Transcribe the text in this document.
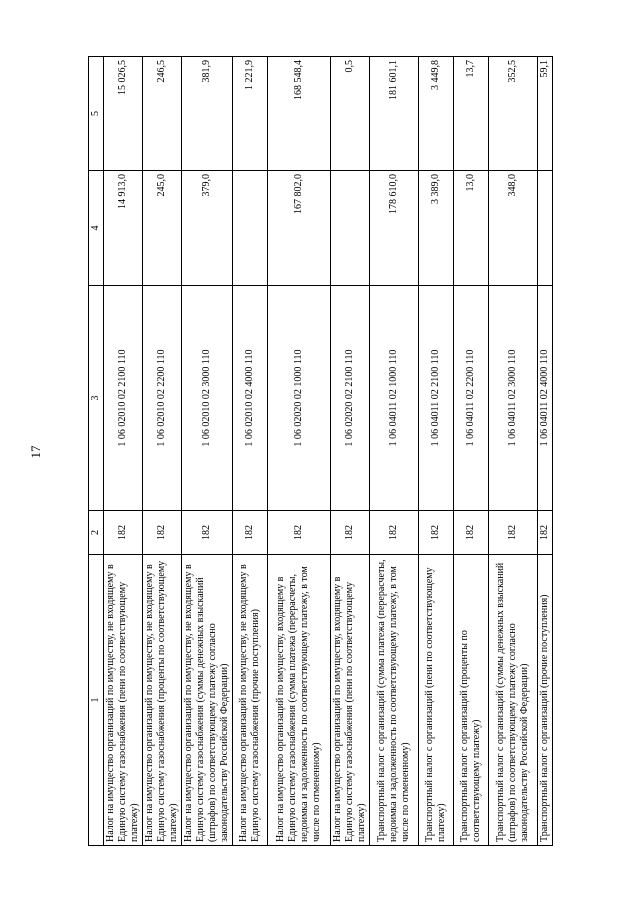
17
1	2	3	4	5
Налог на имущество организаций по имуществу, не входящему в Единую систему газоснабжения (пени по соответствующему платежу)	182	1 06 02010 02 2100 110	14 913,0	15 026,5
Налог на имущество организаций по имуществу, не входящему в Единую систему газоснабжения (проценты по соответствующему платежу)	182	1 06 02010 02 2200 110	245,0	246,5
Налог на имущество организаций по имуществу, не входящему в Единую систему газоснабжения (суммы денежных взысканий (штрафов) по соответствующему платежу согласно законодательству Российской Федерации)	182	1 06 02010 02 3000 110	379,0	381,9
Налог на имущество организаций по имуществу, не входящему в Единую систему газоснабжения (прочие поступления)	182	1 06 02010 02 4000 110		1 221,9
Налог на имущество организаций по имуществу, входящему в Единую систему газоснабжения (сумма платежа (перерасчеты, недоимка и задолженность по соответствующему платежу, в том числе по отмененному)	182	1 06 02020 02 1000 110	167 802,0	168 548,4
Налог на имущество организаций по имуществу, входящему в Единую систему газоснабжения (пени по соответствующему платежу)	182	1 06 02020 02 2100 110		0,5
Транспортный налог с организаций (сумма платежа (перерасчеты, недоимка и задолженность по соответствующему платежу, в том числе по отмененному)	182	1 06 04011 02 1000 110	178 610,0	181 601,1
Транспортный налог с организаций (пени по соответствующему платежу)	182	1 06 04011 02 2100 110	3 389,0	3 449,8
Транспортный налог с организаций (проценты по соответствующему платежу)	182	1 06 04011 02 2200 110	13,0	13,7
Транспортный налог с организаций (суммы денежных взысканий (штрафов) по соответствующему платежу согласно законодательству Российской Федерации)	182	1 06 04011 02 3000 110	348,0	352,5
Транспортный налог с организаций (прочие поступления)	182	1 06 04011 02 4000 110		59,1
